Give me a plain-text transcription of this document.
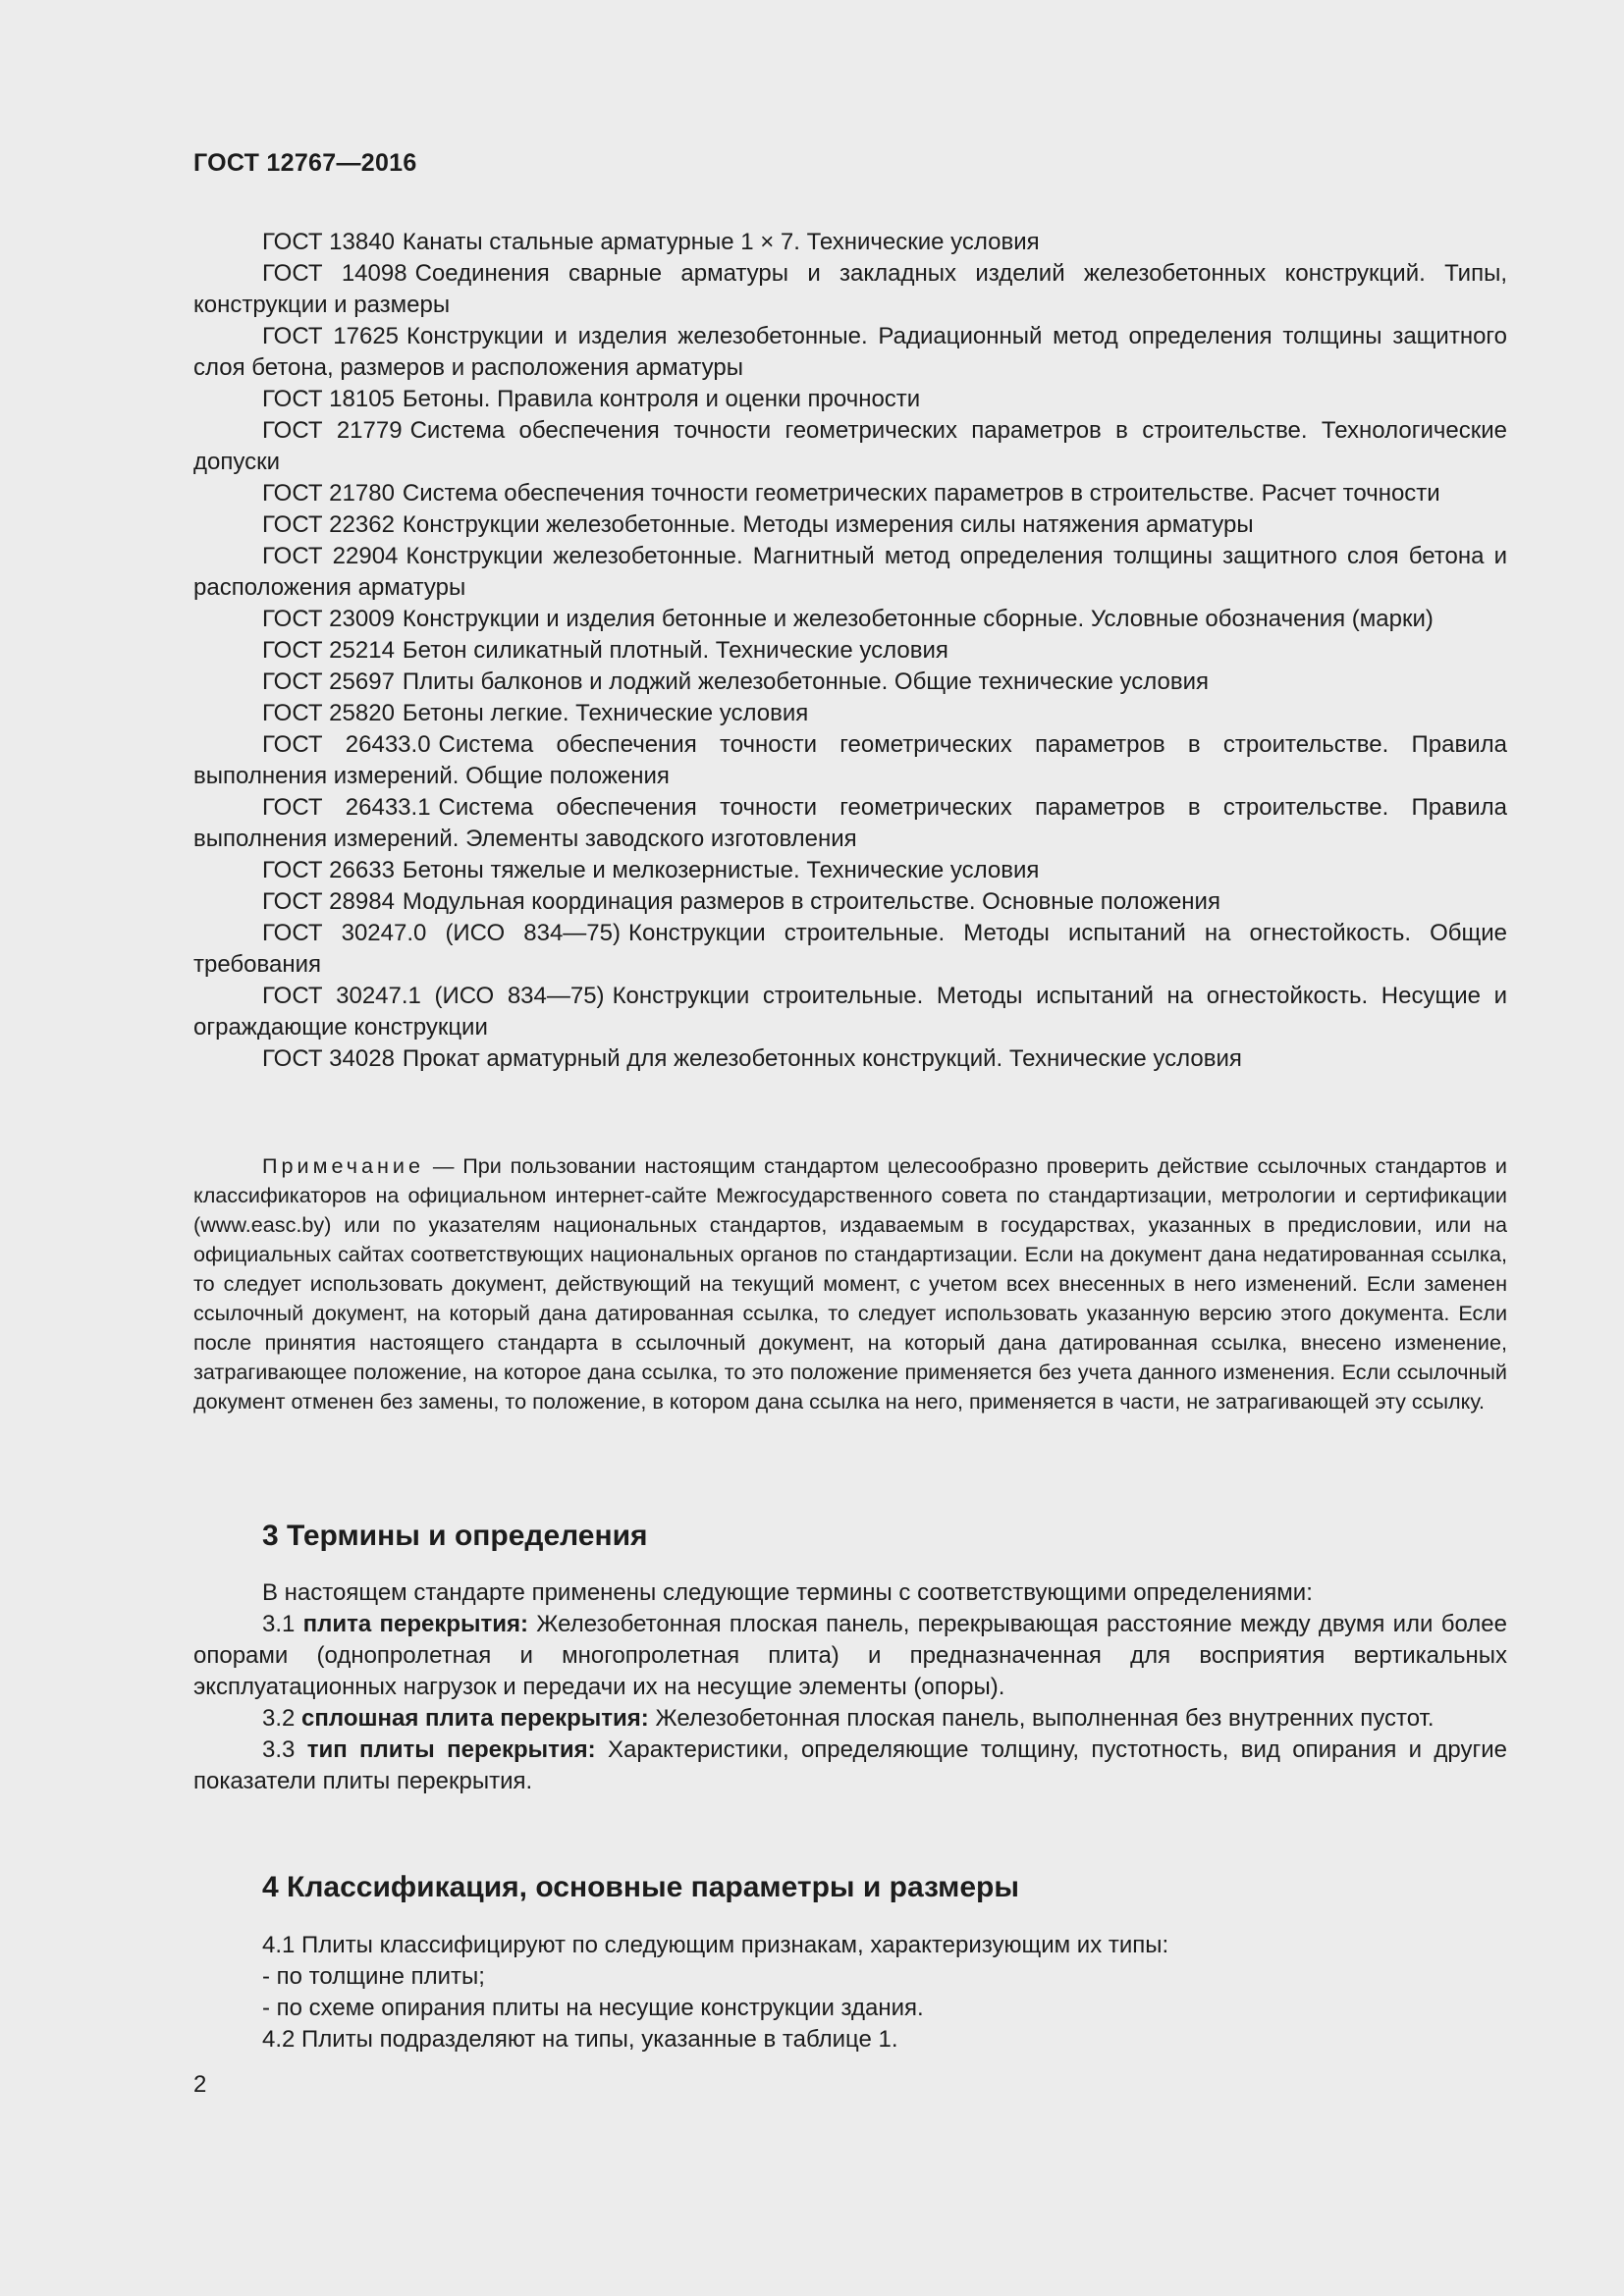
ГОСТ 12767—2016

ГОСТ 13840 Канаты стальные арматурные 1 × 7. Технические условия

ГОСТ 14098 Соединения сварные арматуры и закладных изделий железобетонных конструкций. Типы, конструкции и размеры

ГОСТ 17625 Конструкции и изделия железобетонные. Радиационный метод определения толщины защитного слоя бетона, размеров и расположения арматуры

ГОСТ 18105 Бетоны. Правила контроля и оценки прочности

ГОСТ 21779 Система обеспечения точности геометрических параметров в строительстве. Технологические допуски

ГОСТ 21780 Система обеспечения точности геометрических параметров в строительстве. Расчет точности

ГОСТ 22362 Конструкции железобетонные. Методы измерения силы натяжения арматуры

ГОСТ 22904 Конструкции железобетонные. Магнитный метод определения толщины защитного слоя бетона и расположения арматуры

ГОСТ 23009 Конструкции и изделия бетонные и железобетонные сборные. Условные обозначения (марки)

ГОСТ 25214 Бетон силикатный плотный. Технические условия

ГОСТ 25697 Плиты балконов и лоджий железобетонные. Общие технические условия

ГОСТ 25820 Бетоны легкие. Технические условия

ГОСТ 26433.0 Система обеспечения точности геометрических параметров в строительстве. Правила выполнения измерений. Общие положения

ГОСТ 26433.1 Система обеспечения точности геометрических параметров в строительстве. Правила выполнения измерений. Элементы заводского изготовления

ГОСТ 26633 Бетоны тяжелые и мелкозернистые. Технические условия

ГОСТ 28984 Модульная координация размеров в строительстве. Основные положения

ГОСТ 30247.0 (ИСО 834—75) Конструкции строительные. Методы испытаний на огнестойкость. Общие требования

ГОСТ 30247.1 (ИСО 834—75) Конструкции строительные. Методы испытаний на огнестойкость. Несущие и ограждающие конструкции

ГОСТ 34028 Прокат арматурный для железобетонных конструкций. Технические условия

Примечание — При пользовании настоящим стандартом целесообразно проверить действие ссылочных стандартов и классификаторов на официальном интернет-сайте Межгосударственного совета по стандартизации, метрологии и сертификации (www.easc.by) или по указателям национальных стандартов, издаваемым в государствах, указанных в предисловии, или на официальных сайтах соответствующих национальных органов по стандартизации. Если на документ дана недатированная ссылка, то следует использовать документ, действующий на текущий момент, с учетом всех внесенных в него изменений. Если заменен ссылочный документ, на который дана датированная ссылка, то следует использовать указанную версию этого документа. Если после принятия настоящего стандарта в ссылочный документ, на который дана датированная ссылка, внесено изменение, затрагивающее положение, на которое дана ссылка, то это положение применяется без учета данного изменения. Если ссылочный документ отменен без замены, то положение, в котором дана ссылка на него, применяется в части, не затрагивающей эту ссылку.

3 Термины и определения

В настоящем стандарте применены следующие термины с соответствующими определениями:

3.1 плита перекрытия: Железобетонная плоская панель, перекрывающая расстояние между двумя или более опорами (однопролетная и многопролетная плита) и предназначенная для восприятия вертикальных эксплуатационных нагрузок и передачи их на несущие элементы (опоры).

3.2 сплошная плита перекрытия: Железобетонная плоская панель, выполненная без внутренних пустот.

3.3 тип плиты перекрытия: Характеристики, определяющие толщину, пустотность, вид опирания и другие показатели плиты перекрытия.

4 Классификация, основные параметры и размеры

4.1 Плиты классифицируют по следующим признакам, характеризующим их типы:

- по толщине плиты;

- по схеме опирания плиты на несущие конструкции здания.

4.2 Плиты подразделяют на типы, указанные в таблице 1.

2
